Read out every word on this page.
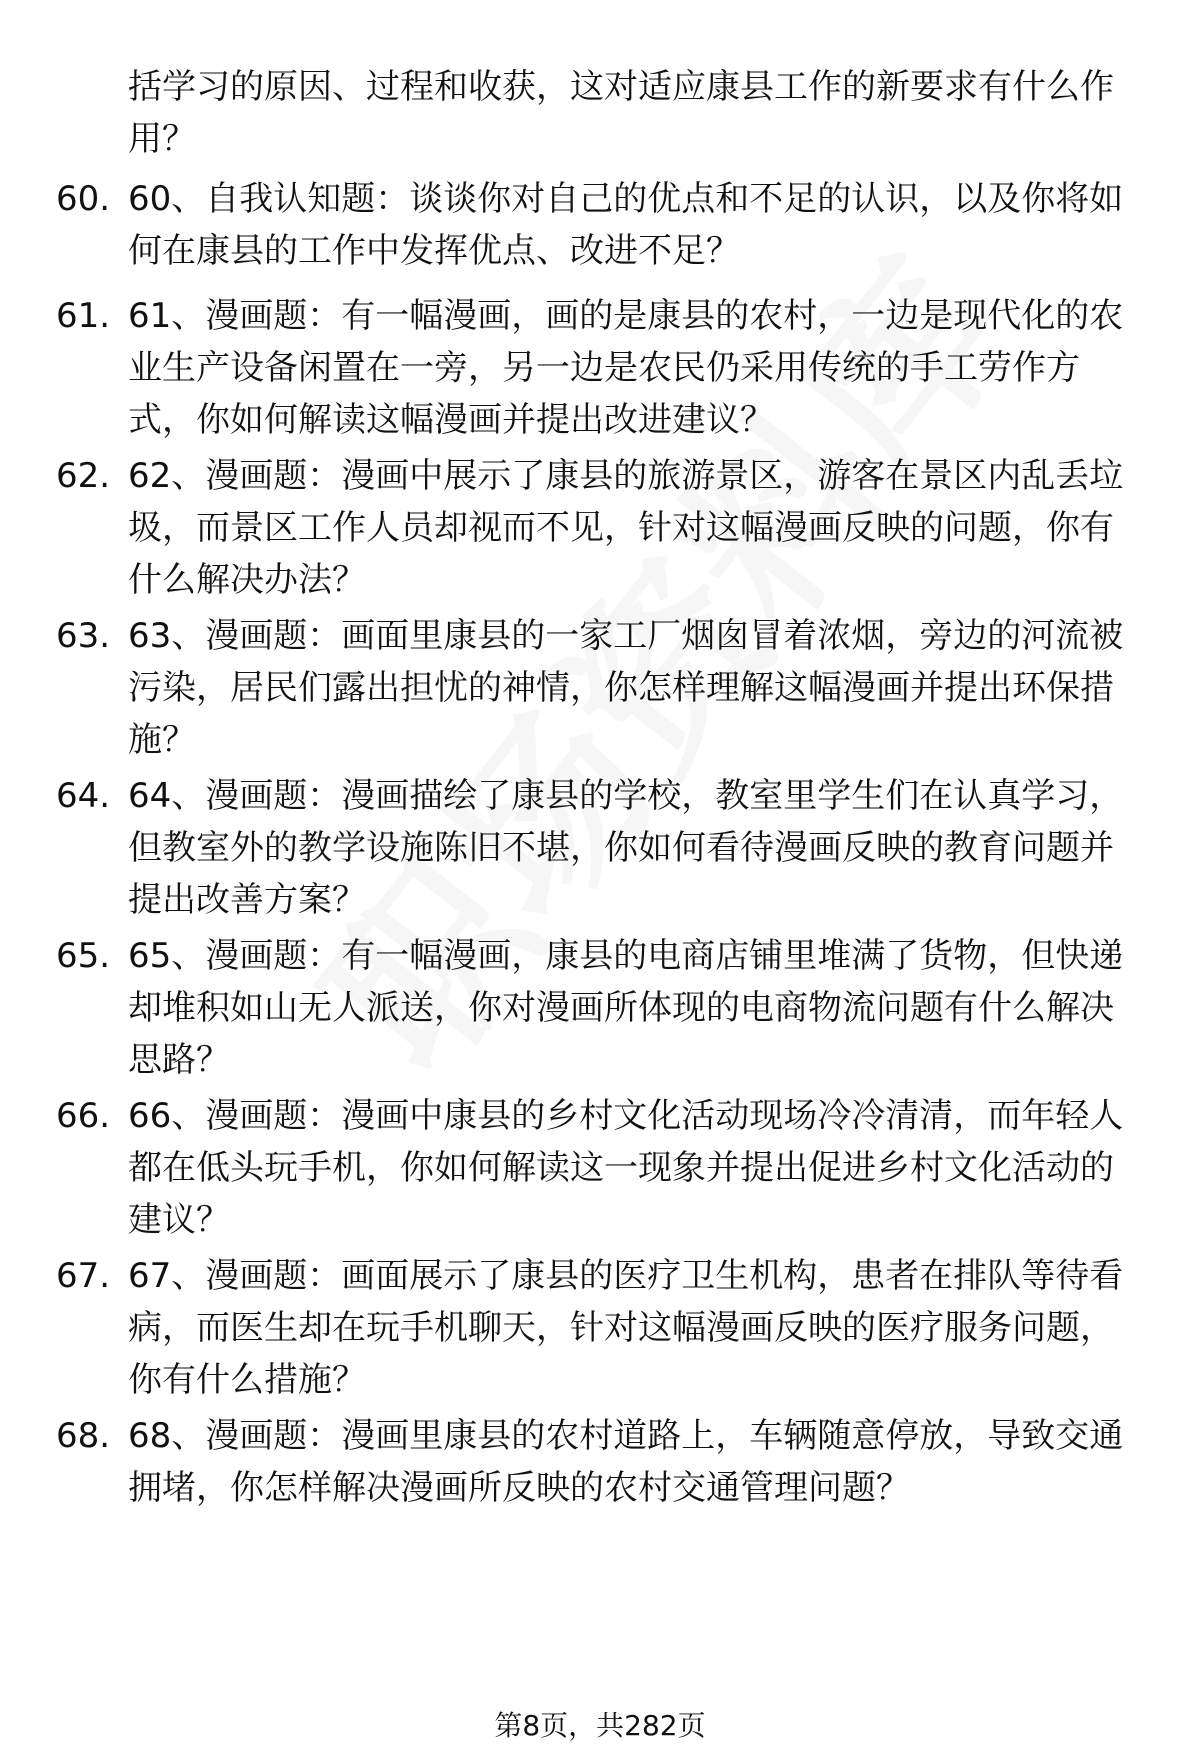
括学习的原因、过程和收获，这对适应康县工作的新要求有什么作用？

60. 60、自我认知题：谈谈你对自己的优点和不足的认识，以及你将如何在康县的工作中发挥优点、改进不足？

61. 61、漫画题：有一幅漫画，画的是康县的农村，一边是现代化的农业生产设备闲置在一旁，另一边是农民仍采用传统的手工劳作方式，你如何解读这幅漫画并提出改进建议？

62. 62、漫画题：漫画中展示了康县的旅游景区，游客在景区内乱丢垃圾，而景区工作人员却视而不见，针对这幅漫画反映的问题，你有什么解决办法？

63. 63、漫画题：画面里康县的一家工厂烟囱冒着浓烟，旁边的河流被污染，居民们露出担忧的神情，你怎样理解这幅漫画并提出环保措施？

64. 64、漫画题：漫画描绘了康县的学校，教室里学生们在认真学习，但教室外的教学设施陈旧不堪，你如何看待漫画反映的教育问题并提出改善方案？

65. 65、漫画题：有一幅漫画，康县的电商店铺里堆满了货物，但快递却堆积如山无人派送，你对漫画所体现的电商物流问题有什么解决思路？

66. 66、漫画题：漫画中康县的乡村文化活动现场冷冷清清，而年轻人都在低头玩手机，你如何解读这一现象并提出促进乡村文化活动的建议？

67. 67、漫画题：画面展示了康县的医疗卫生机构，患者在排队等待看病，而医生却在玩手机聊天，针对这幅漫画反映的医疗服务问题，你有什么措施？

68. 68、漫画题：漫画里康县的农村道路上，车辆随意停放，导致交通拥堵，你怎样解决漫画所反映的农村交通管理问题？

第8页，共282页
